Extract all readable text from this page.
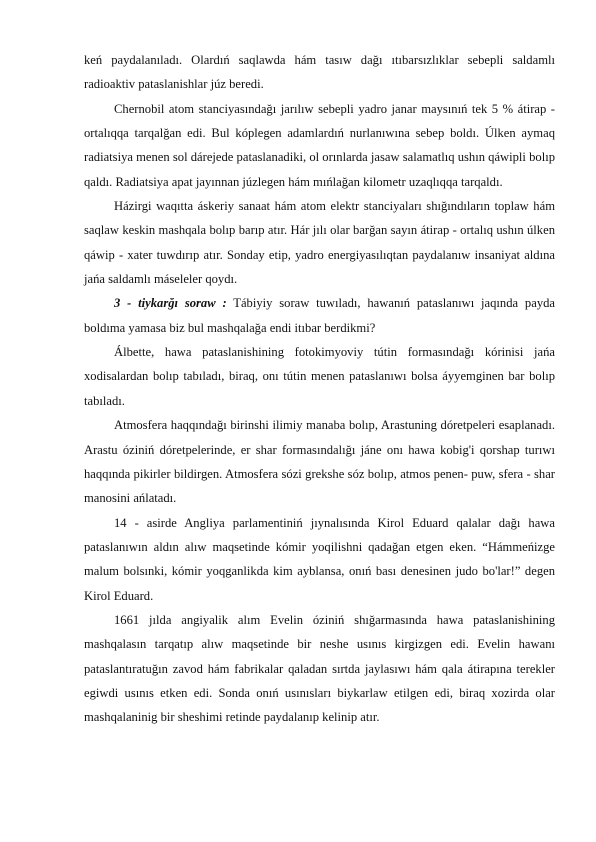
keń paydalanıladı. Olardıń saqlawda hám tasıw dağı ıtıbarsızlıklar sebepli saldamlı radioaktiv pataslanishlar júz beredi.

Chernobil atom stanciyasındağı jarılıw sebepli yadro janar maysınıń tek 5 % átirap - ortalıqqa tarqalğan edi. Bul kóplegen adamlardıń nurlanıwına sebep boldı. Úlken aymaq radiatsiya menen sol dárejede pataslanadiki, ol orınlarda jasaw salamatlıq ushın qáwipli bolıp qaldı. Radiatsiya apat jayınnan júzlegen hám mıńlağan kilometr uzaqlıqqa tarqaldı.

Házirgi waqıtta áskeriy sanaat hám atom elektr stanciyaları shığındıların toplaw hám saqlaw keskin mashqala bolıp barıp atır. Hár jılı olar barğan sayın átirap - ortalıq ushın úlken qáwip - xater tuwdırıp atır. Sonday etip, yadro energiyasılıqtan paydalanıw insaniyat aldına jańa saldamlı máseleler qoydı.

3 - tiykarğı soraw : Tábiyiy soraw tuwıladı, hawanıń pataslanıwı jaqında payda boldıma yamasa biz bul mashqalağa endi itıbar berdikmi?

Álbette, hawa pataslanishining fotokimyoviy tútin formasındağı kórinisi jańa xodisalardan bolıp tabıladı, biraq, onı tútin menen pataslanıwı bolsa áyyemginen bar bolıp tabıladı.

Atmosfera haqqındağı birinshi ilimiy manaba bolıp, Arastuning dóretpeleri esaplanadı. Arastu óziniń dóretpelerinde, er shar formasındalığı jáne onı hawa kobig'i qorshap turıwı haqqında pikirler bildirgen. Atmosfera sózi grekshe sóz bolıp, atmos penen- puw, sfera - shar manosini ańlatadı.

14 - asirde Angliya parlamentiniń jıynalısında Kirol Eduard qalalar dağı hawa pataslanıwın aldın alıw maqsetinde kómir yoqilishni qadağan etgen eken. “Hámmeńizge malum bolsınki, kómir yoqganlikda kim ayblansa, onıń bası denesinen judo bo'lar!” degen Kirol Eduard.

1661 jılda angiyalik alım Evelin óziniń shığarmasında hawa pataslanishining mashqalasın tarqatıp alıw maqsetinde bir neshe usınıs kirgizgen edi. Evelin hawanı pataslantıratuğın zavod hám fabrikalar qaladan sırtda jaylasıwı hám qala átirapına terekler egiwdi usınıs etken edi. Sonda onıń usınısları biykarlaw etilgen edi, biraq xozirda olar mashqalaninig bir sheshimi retinde paydalanıp kelinip atır.
